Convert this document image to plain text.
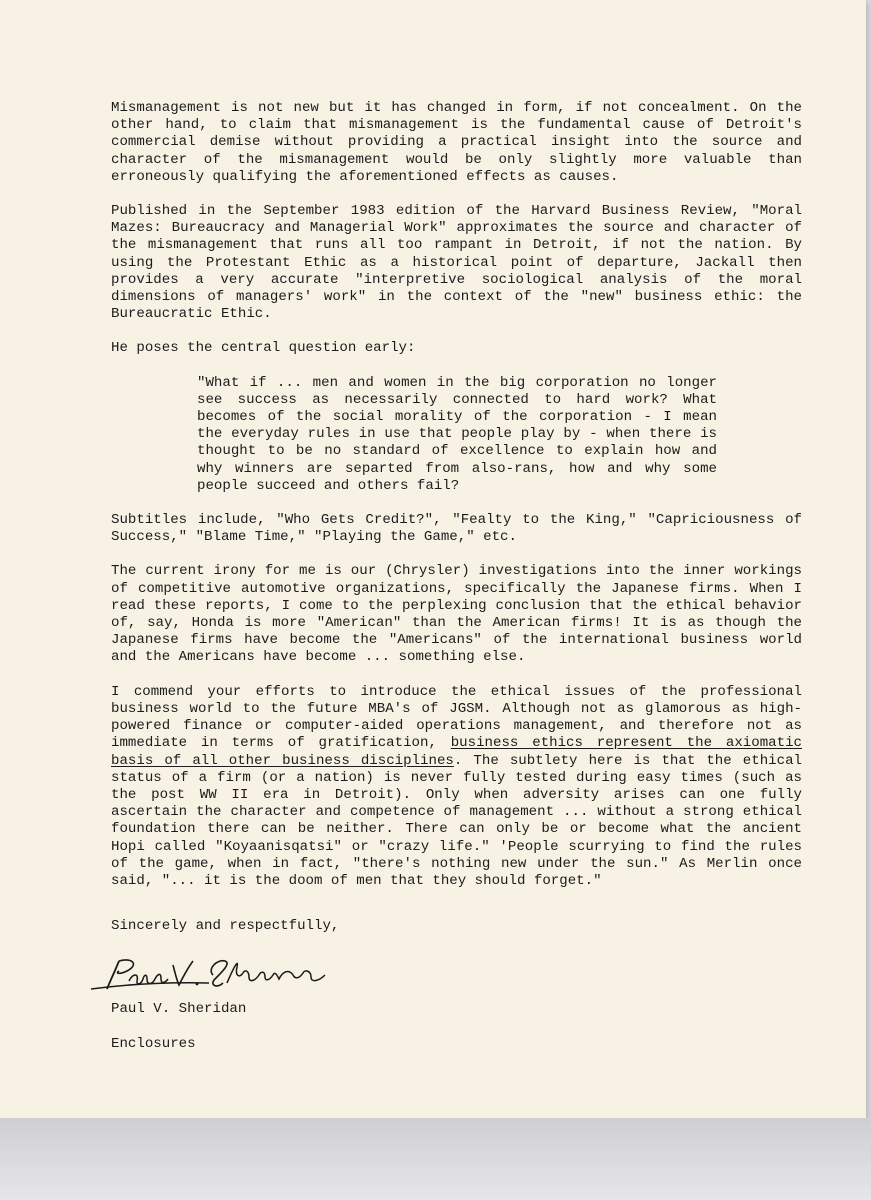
Mismanagement is not new but it has changed in form, if not concealment. On the other hand, to claim that mismanagement is the fundamental cause of Detroit's commercial demise without providing a practical insight into the source and character of the mismanagement would be only slightly more valuable than erroneously qualifying the aforementioned effects as causes.

Published in the September 1983 edition of the Harvard Business Review, "Moral Mazes: Bureaucracy and Managerial Work" approximates the source and character of the mismanagement that runs all too rampant in Detroit, if not the nation. By using the Protestant Ethic as a historical point of departure, Jackall then provides a very accurate "interpretive sociological analysis of the moral dimensions of managers' work" in the context of the "new" business ethic: the Bureaucratic Ethic.

He poses the central question early:

"What if ... men and women in the big corporation no longer see success as necessarily connected to hard work? What becomes of the social morality of the corporation - I mean the everyday rules in use that people play by - when there is thought to be no standard of excellence to explain how and why winners are separted from also-rans, how and why some people succeed and others fail?

Subtitles include, "Who Gets Credit?", "Fealty to the King," "Capriciousness of Success," "Blame Time," "Playing the Game," etc.

The current irony for me is our (Chrysler) investigations into the inner workings of competitive automotive organizations, specifically the Japanese firms. When I read these reports, I come to the perplexing conclusion that the ethical behavior of, say, Honda is more "American" than the American firms! It is as though the Japanese firms have become the "Americans" of the international business world and the Americans have become ... something else.

I commend your efforts to introduce the ethical issues of the professional business world to the future MBA's of JGSM. Although not as glamorous as high-powered finance or computer-aided operations management, and therefore not as immediate in terms of gratification, business ethics represent the axiomatic basis of all other business disciplines. The subtlety here is that the ethical status of a firm (or a nation) is never fully tested during easy times (such as the post WW II era in Detroit). Only when adversity arises can one fully ascertain the character and competence of management ... without a strong ethical foundation there can be neither. There can only be or become what the ancient Hopi called "Koyaanisqatsi" or "crazy life." 'People scurrying to find the rules of the game, when in fact, "there's nothing new under the sun." As Merlin once said, "... it is the doom of men that they should forget."

Sincerely and respectfully,
Paul V. Sheridan
Enclosures
